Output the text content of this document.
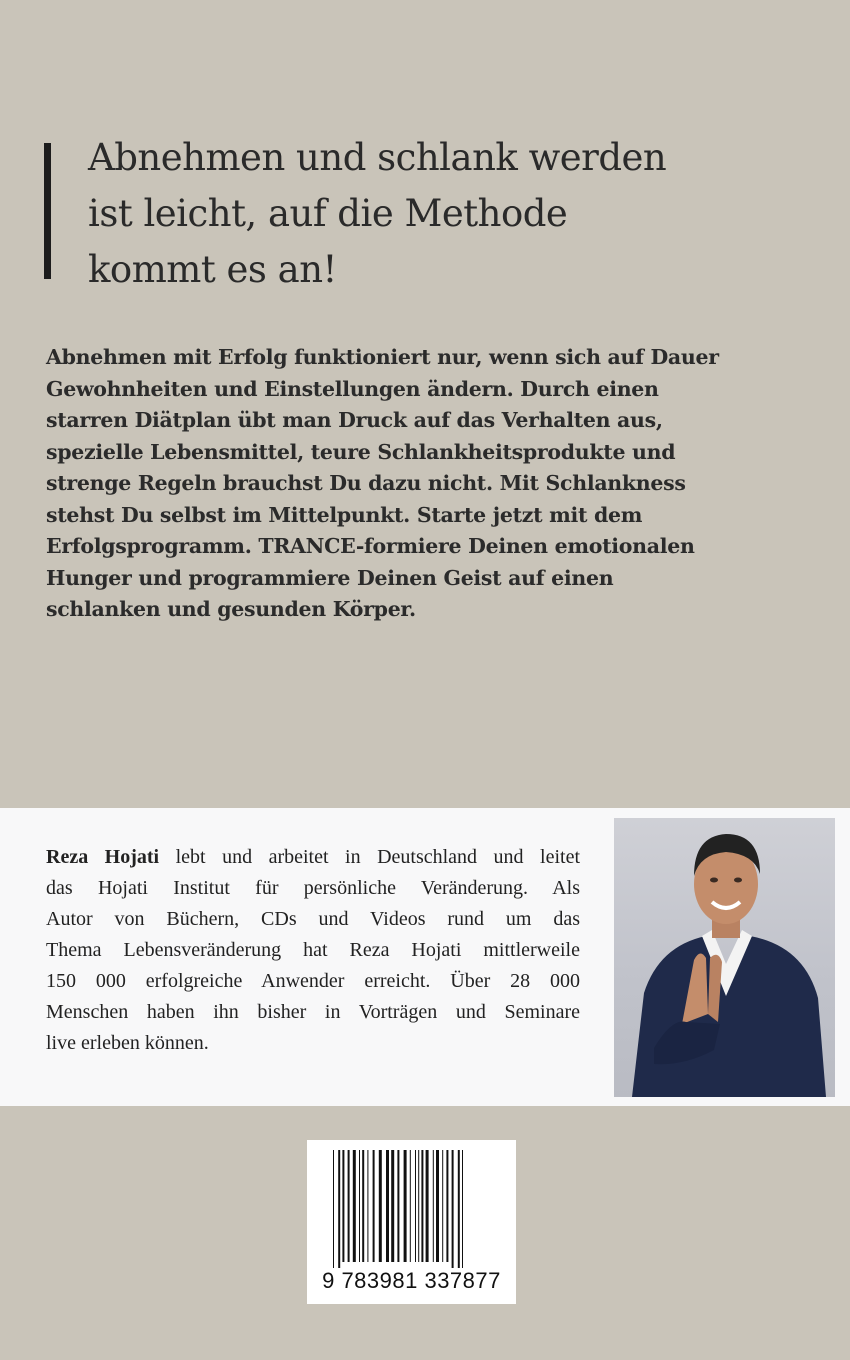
Abnehmen und schlank werden
ist leicht, auf die Methode
kommt es an!
Abnehmen mit Erfolg funktioniert nur, wenn sich auf Dauer
Gewohnheiten und Einstellungen ändern. Durch einen
starren Diätplan übt man Druck auf das Verhalten aus,
spezielle Lebensmittel, teure Schlankheitsprodukte und
strenge Regeln brauchst Du dazu nicht. Mit Schlankness
stehst Du selbst im Mittelpunkt. Starte jetzt mit dem
Erfolgsprogramm. TRANCE-formiere Deinen emotionalen
Hunger und programmiere Deinen Geist auf einen
schlanken und gesunden Körper.
Reza Hojati lebt und arbeitet in Deutschland und leitet
das Hojati Institut für persönliche Veränderung. Als
Autor von Büchern, CDs und Videos rund um das
Thema Lebensveränderung hat Reza Hojati mittlerweile
150 000 erfolgreiche Anwender erreicht. Über 28 000
Menschen haben ihn bisher in Vorträgen und Seminare
live erleben können.
9 783981 337877
